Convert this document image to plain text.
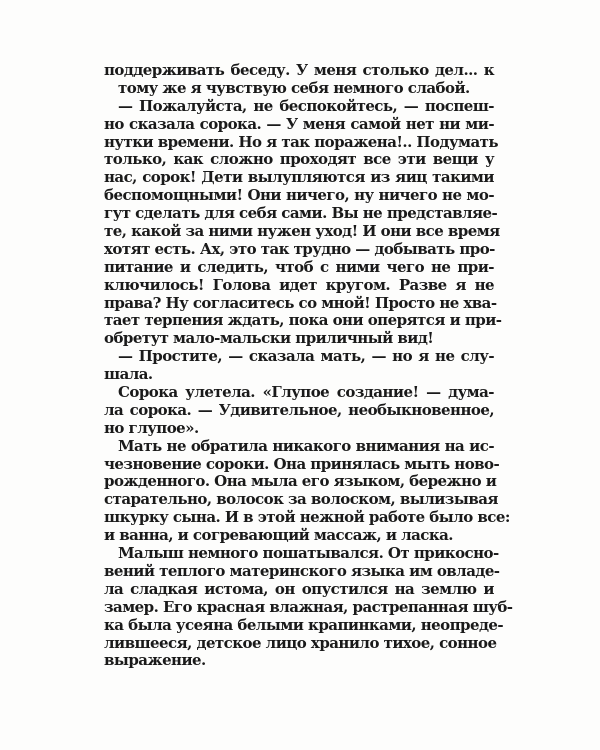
поддерживать беседу. У меня столько дел... к
тому же я чувствую себя немного слабой.
— Пожалуйста, не беспокойтесь, — поспеш-
но сказала сорока. — У меня самой нет ни ми-
нутки времени. Но я так поражена!.. Подумать
только, как сложно проходят все эти вещи у
нас, сорок! Дети вылупляются из яиц такими
беспомощными! Они ничего, ну ничего не мо-
гут сделать для себя сами. Вы не представляе-
те, какой за ними нужен уход! И они все время
хотят есть. Ах, это так трудно — добывать про-
питание и следить, чтоб с ними чего не при-
ключилось! Голова идет кругом. Разве я не
права? Ну согласитесь со мной! Просто не хва-
тает терпения ждать, пока они оперятся и при-
обретут мало-мальски приличный вид!
— Простите, — сказала мать, — но я не слу-
шала.
Сорока улетела. «Глупое создание! — дума-
ла сорока. — Удивительное, необыкновенное,
но глупое».
Мать не обратила никакого внимания на ис-
чезновение сороки. Она принялась мыть ново-
рожденного. Она мыла его языком, бережно и
старательно, волосок за волоском, вылизывая
шкурку сына. И в этой нежной работе было все:
и ванна, и согревающий массаж, и ласка.
Малыш немного пошатывался. От прикосно-
вений теплого материнского языка им овладе-
ла сладкая истома, он опустился на землю и
замер. Его красная влажная, растрепанная шуб-
ка была усеяна белыми крапинками, неопреде-
лившееся, детское лицо хранило тихое, сонное
выражение.
